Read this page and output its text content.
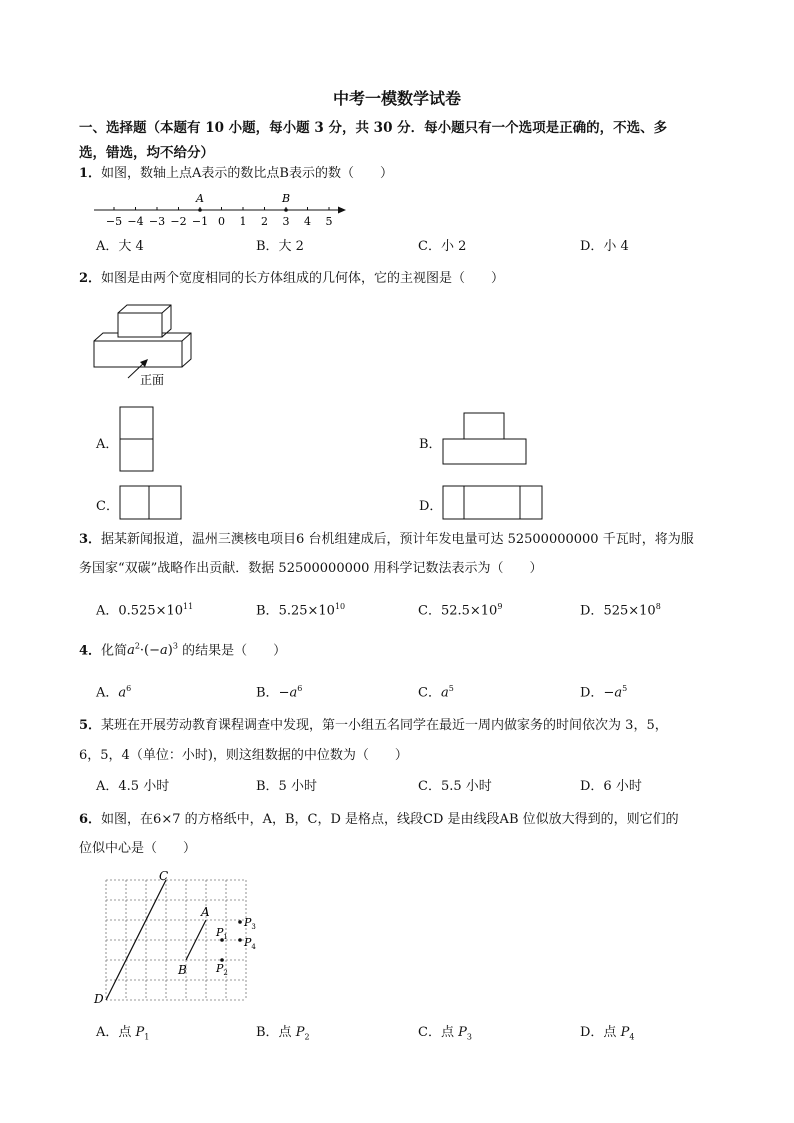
中考一模数学试卷
一、选择题（本题有 10 小题，每小题 3 分，共 30 分．每小题只有一个选项是正确的，不选、多
选，错选，均不给分）
1．如图，数轴上点A表示的数比点B表示的数（　　）
−5 −4 −3 −2 −1 0 1 2 3 4 5
A	B
A．大 4	B．大 2	C．小 2	D．小 4
2．如图是由两个宽度相同的长方体组成的几何体，它的主视图是（　　）
正面
A．	B．
C．	D．
3．据某新闻报道，温州三澳核电项目6 台机组建成后，预计年发电量可达 52500000000 千瓦时，将为服
务国家“双碳”战略作出贡献．数据 52500000000 用科学记数法表示为（　　）
A．$0.525\times 10^{11}$	B．$5.25\times 10^{10}$	C．$52.5\times 10^9$	D．$525\times 10^8$
4．化简$a^2\cdot(-a)^3$ 的结果是（　　）
A．$a^6$	B．$-a^6$	C．$a^5$	D．$-a^5$
5．某班在开展劳动教育课程调查中发现，第一小组五名同学在最近一周内做家务的时间依次为 3，5，
6，5，4（单位：小时)，则这组数据的中位数为（　　）
A．4.5 小时	B．5 小时	C．5.5 小时	D．6 小时
6．如图，在6×7 的方格纸中，A，B，C，D 是格点，线段CD 是由线段AB 位似放大得到的，则它们的
位似中心是（　　）
C
A
B
D
$P_1$
$P_2$
$P_3$
$P_4$
A．点 $P_1$	B．点 $P_2$	C．点 $P_3$	D．点 $P_4$
